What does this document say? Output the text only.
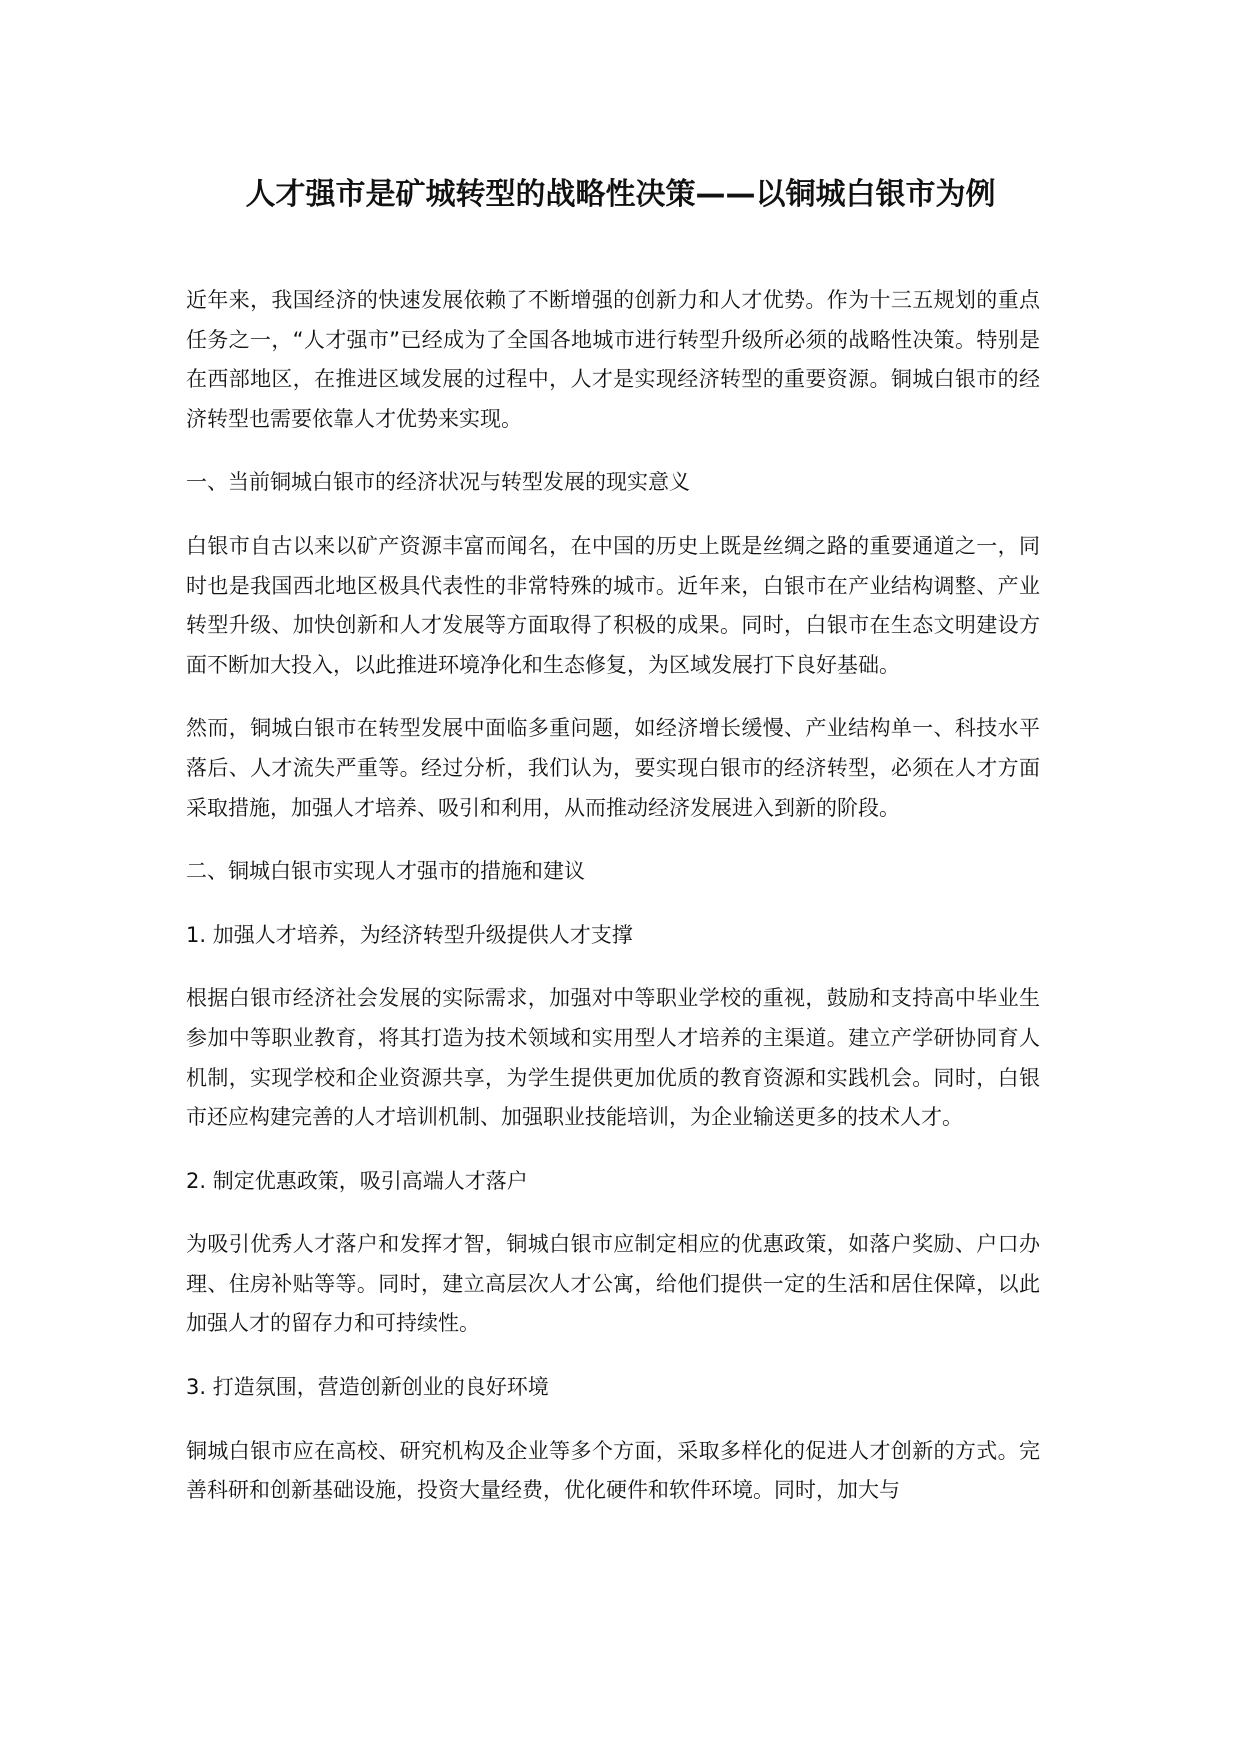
人才强市是矿城转型的战略性决策——以铜城白银市为例

近年来，我国经济的快速发展依赖了不断增强的创新力和人才优势。作为十三五规划的重点任务之一，“人才强市”已经成为了全国各地城市进行转型升级所必须的战略性决策。特别是在西部地区，在推进区域发展的过程中，人才是实现经济转型的重要资源。铜城白银市的经济转型也需要依靠人才优势来实现。

一、当前铜城白银市的经济状况与转型发展的现实意义

白银市自古以来以矿产资源丰富而闻名，在中国的历史上既是丝绸之路的重要通道之一，同时也是我国西北地区极具代表性的非常特殊的城市。近年来，白银市在产业结构调整、产业转型升级、加快创新和人才发展等方面取得了积极的成果。同时，白银市在生态文明建设方面不断加大投入，以此推进环境净化和生态修复，为区域发展打下良好基础。

然而，铜城白银市在转型发展中面临多重问题，如经济增长缓慢、产业结构单一、科技水平落后、人才流失严重等。经过分析，我们认为，要实现白银市的经济转型，必须在人才方面采取措施，加强人才培养、吸引和利用，从而推动经济发展进入到新的阶段。

二、铜城白银市实现人才强市的措施和建议

1. 加强人才培养，为经济转型升级提供人才支撑

根据白银市经济社会发展的实际需求，加强对中等职业学校的重视，鼓励和支持高中毕业生参加中等职业教育，将其打造为技术领域和实用型人才培养的主渠道。建立产学研协同育人机制，实现学校和企业资源共享，为学生提供更加优质的教育资源和实践机会。同时，白银市还应构建完善的人才培训机制、加强职业技能培训，为企业输送更多的技术人才。

2. 制定优惠政策，吸引高端人才落户

为吸引优秀人才落户和发挥才智，铜城白银市应制定相应的优惠政策，如落户奖励、户口办理、住房补贴等等。同时，建立高层次人才公寓，给他们提供一定的生活和居住保障，以此加强人才的留存力和可持续性。

3. 打造氛围，营造创新创业的良好环境

铜城白银市应在高校、研究机构及企业等多个方面，采取多样化的促进人才创新的方式。完善科研和创新基础设施，投资大量经费，优化硬件和软件环境。同时，加大与
